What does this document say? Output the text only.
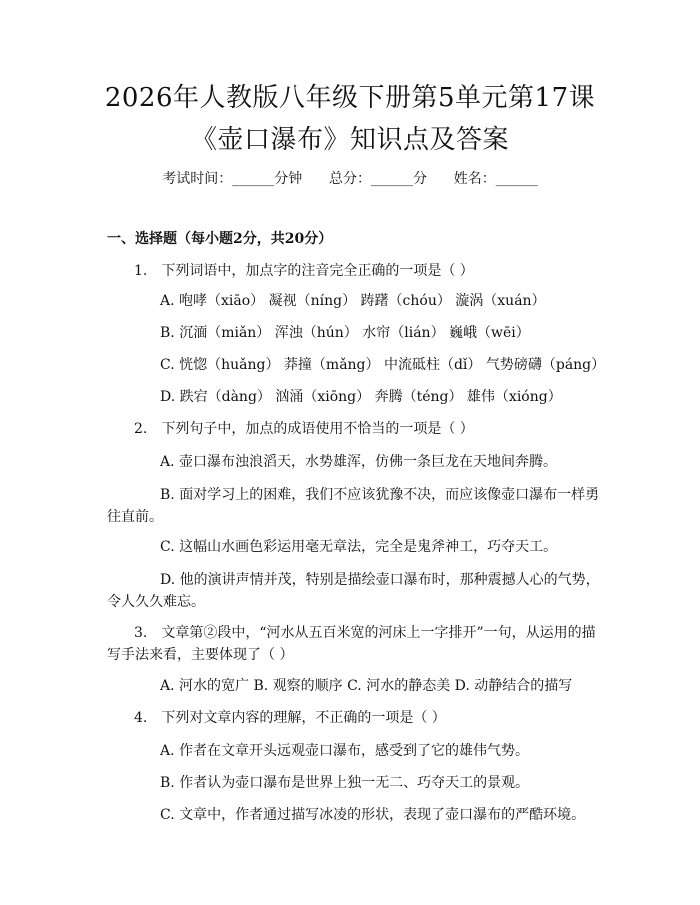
2026年人教版八年级下册第5单元第17课
《壶口瀑布》知识点及答案
考试时间：______分钟 总分：______分 姓名：______
一、选择题（每小题2分，共20分）
1.　下列词语中，加点字的注音完全正确的一项是（ ）
A. 咆哮（xiāo） 凝视（níng） 踌躇（chóu） 漩涡（xuán）
B. 沉湎（miǎn） 浑浊（hún） 水帘（lián） 巍峨（wēi）
C. 恍惚（huǎng） 莽撞（mǎng） 中流砥柱（dǐ） 气势磅礴（páng）
D. 跌宕（dàng） 汹涌（xiōng） 奔腾（téng） 雄伟（xióng）
2.　下列句子中，加点的成语使用不恰当的一项是（ ）
A. 壶口瀑布浊浪滔天，水势雄浑，仿佛一条巨龙在天地间奔腾。
B. 面对学习上的困难，我们不应该犹豫不决，而应该像壶口瀑布一样勇
往直前。
C. 这幅山水画色彩运用毫无章法，完全是鬼斧神工，巧夺天工。
D. 他的演讲声情并茂，特别是描绘壶口瀑布时，那种震撼人心的气势，
令人久久难忘。
3.　文章第②段中，“河水从五百米宽的河床上一字排开”一句，从运用的描
写手法来看，主要体现了（ ）
A. 河水的宽广 B. 观察的顺序 C. 河水的静态美 D. 动静结合的描写
4.　下列对文章内容的理解，不正确的一项是（ ）
A. 作者在文章开头远观壶口瀑布，感受到了它的雄伟气势。
B. 作者认为壶口瀑布是世界上独一无二、巧夺天工的景观。
C. 文章中，作者通过描写冰凌的形状，表现了壶口瀑布的严酷环境。
